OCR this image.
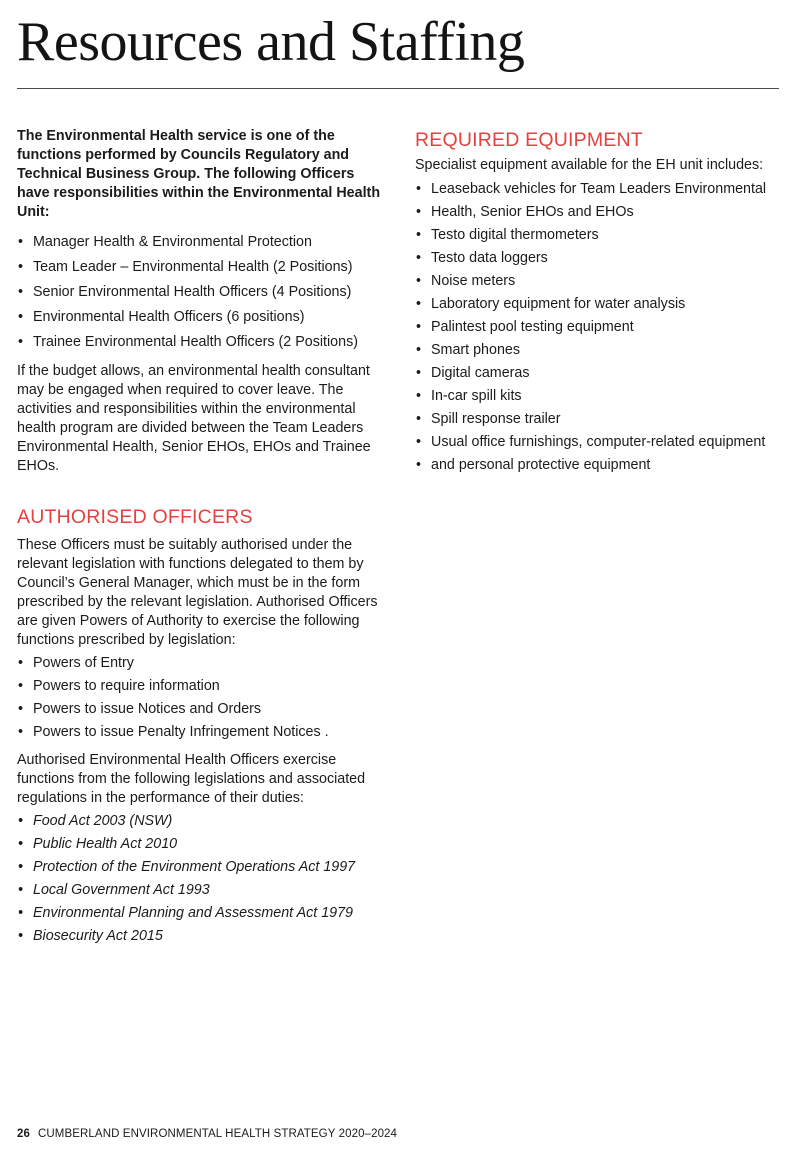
Resources and Staffing

The Environmental Health service is one of the functions performed by Councils Regulatory and Technical Business Group. The following Officers have responsibilities within the Environmental Health Unit:

• Manager Health & Environmental Protection
• Team Leader – Environmental Health (2 Positions)
• Senior Environmental Health Officers (4 Positions)
• Environmental Health Officers (6 positions)
• Trainee Environmental Health Officers (2 Positions)

If the budget allows, an environmental health consultant may be engaged when required to cover leave. The activities and responsibilities within the environmental health program are divided between the Team Leaders Environmental Health, Senior EHOs, EHOs and Trainee EHOs.

AUTHORISED OFFICERS

These Officers must be suitably authorised under the relevant legislation with functions delegated to them by Council’s General Manager, which must be in the form prescribed by the relevant legislation. Authorised Officers are given Powers of Authority to exercise the following functions prescribed by legislation:

• Powers of Entry
• Powers to require information
• Powers to issue Notices and Orders
• Powers to issue Penalty Infringement Notices .

Authorised Environmental Health Officers exercise functions from the following legislations and associated regulations in the performance of their duties:

• Food Act 2003 (NSW)
• Public Health Act 2010
• Protection of the Environment Operations Act 1997
• Local Government Act 1993
• Environmental Planning and Assessment Act 1979
• Biosecurity Act 2015
REQUIRED EQUIPMENT

Specialist equipment available for the EH unit includes:

• Leaseback vehicles for Team Leaders Environmental
• Health, Senior EHOs and EHOs
• Testo digital thermometers
• Testo data loggers
• Noise meters
• Laboratory equipment for water analysis
• Palintest pool testing equipment
• Smart phones
• Digital cameras
• In-car spill kits
• Spill response trailer
• Usual office furnishings, computer-related equipment
• and personal protective equipment
26 CUMBERLAND ENVIRONMENTAL HEALTH STRATEGY 2020–2024
